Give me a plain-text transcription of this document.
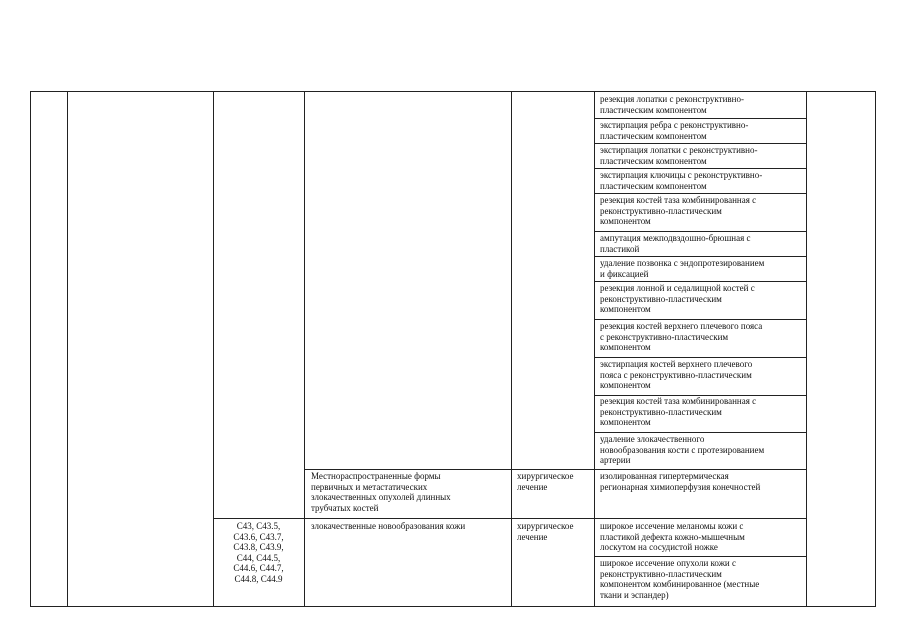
резекция лопатки с реконструктивно-
пластическим компонентом
экстирпация ребра с реконструктивно-
пластическим компонентом
экстирпация лопатки с реконструктивно-
пластическим компонентом
экстирпация ключицы с реконструктивно-
пластическим компонентом
резекция костей таза комбинированная с
реконструктивно-пластическим
компонентом
ампутация межподвздошно-брюшная с
пластикой
удаление позвонка с эндопротезированием
и фиксацией
резекция лонной и седалищной костей с
реконструктивно-пластическим
компонентом
резекция костей верхнего плечевого пояса
с реконструктивно-пластическим
компонентом
экстирпация костей верхнего плечевого
пояса с реконструктивно-пластическим
компонентом
резекция костей таза комбинированная с
реконструктивно-пластическим
компонентом
удаление злокачественного
новообразования кости с протезированием
артерии
изолированная гипертермическая
регионарная химиоперфузия конечностей
Местнораспространенные формы
первичных и метастатических
злокачественных опухолей длинных
трубчатых костей
хирургическое
лечение
C43, C43.5,
C43.6, C43.7,
C43.8, C43.9,
C44, C44.5,
C44.6, C44.7,
C44.8, C44.9
злокачественные новообразования кожи	хирургическое
лечение
широкое иссечение меланомы кожи с
пластикой дефекта кожно-мышечным
лоскутом на сосудистой ножке
широкое иссечение опухоли кожи с
реконструктивно-пластическим
компонентом комбинированное (местные
ткани и эспандер)
